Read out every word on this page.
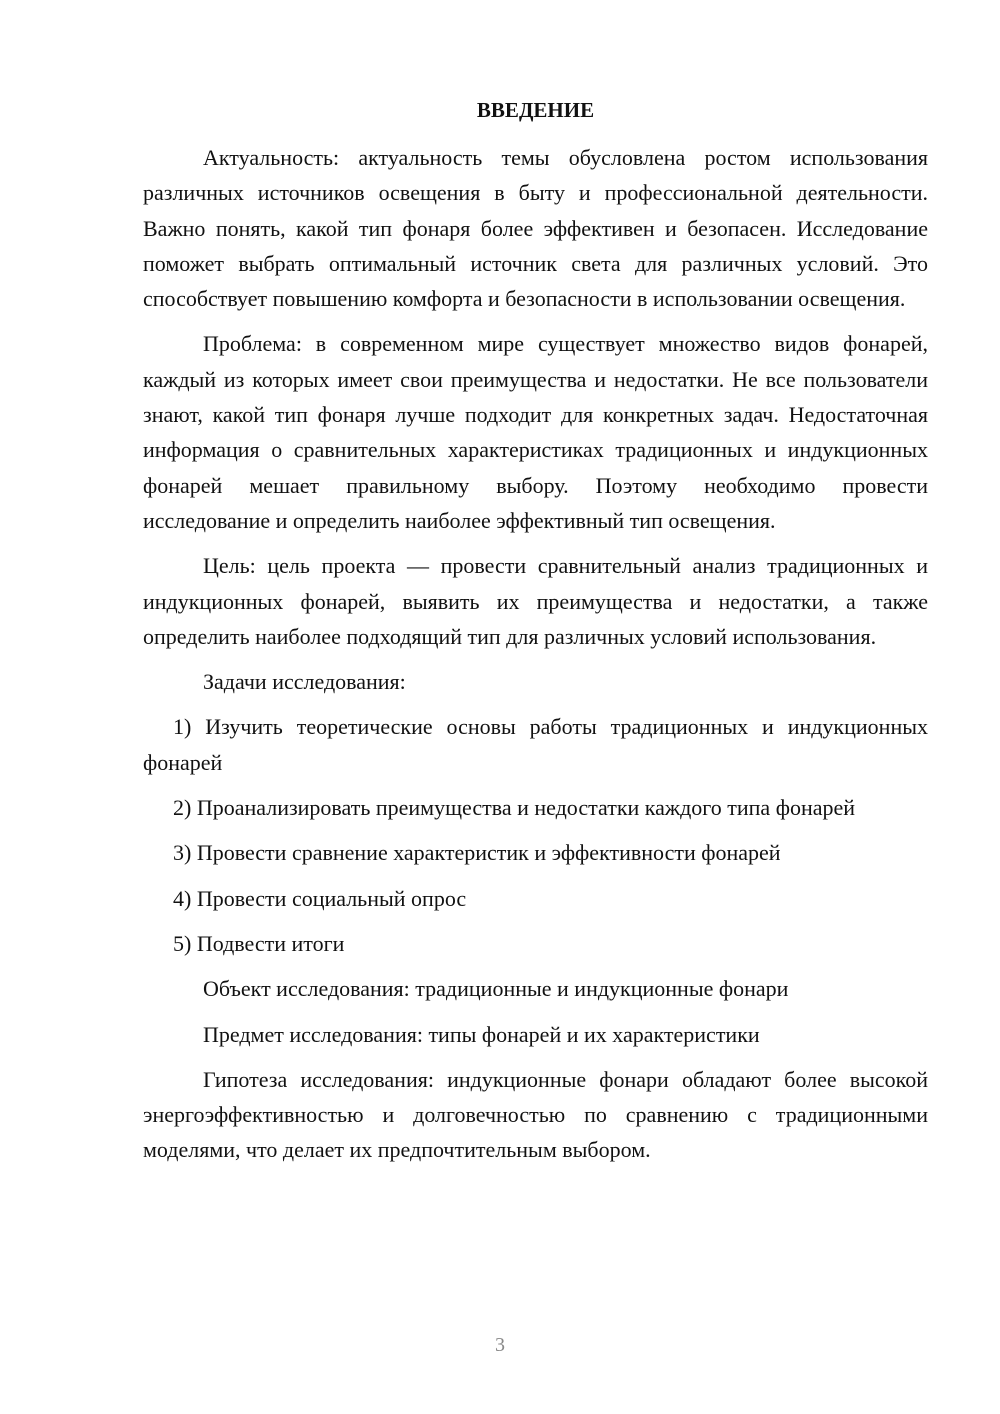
ВВЕДЕНИЕ

Актуальность: актуальность темы обусловлена ростом использования различных источников освещения в быту и профессиональной деятельности. Важно понять, какой тип фонаря более эффективен и безопасен. Исследование поможет выбрать оптимальный источник света для различных условий. Это способствует повышению комфорта и безопасности в использовании освещения.

Проблема: в современном мире существует множество видов фонарей, каждый из которых имеет свои преимущества и недостатки. Не все пользователи знают, какой тип фонаря лучше подходит для конкретных задач. Недостаточная информация о сравнительных характеристиках традиционных и индукционных фонарей мешает правильному выбору. Поэтому необходимо провести исследование и определить наиболее эффективный тип освещения.

Цель: цель проекта — провести сравнительный анализ традиционных и индукционных фонарей, выявить их преимущества и недостатки, а также определить наиболее подходящий тип для различных условий использования.

Задачи исследования:

1) Изучить теоретические основы работы традиционных и индукционных фонарей

2) Проанализировать преимущества и недостатки каждого типа фонарей

3) Провести сравнение характеристик и эффективности фонарей

4) Провести социальный опрос

5) Подвести итоги

Объект исследования: традиционные и индукционные фонари

Предмет исследования: типы фонарей и их характеристики

Гипотеза исследования: индукционные фонари обладают более высокой энергоэффективностью и долговечностью по сравнению с традиционными моделями, что делает их предпочтительным выбором.

3
